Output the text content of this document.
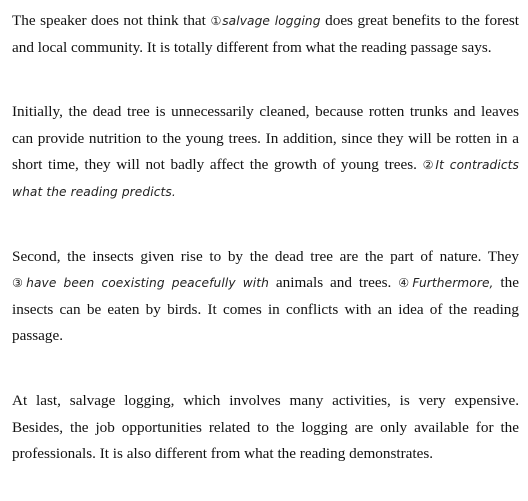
The speaker does not think that ①salvage logging does great benefits to the forest and local community. It is totally different from what the reading passage says.

Initially, the dead tree is unnecessarily cleaned, because rotten trunks and leaves can provide nutrition to the young trees. In addition, since they will be rotten in a short time, they will not badly affect the growth of young trees. ②It contradicts what the reading predicts.

Second, the insects given rise to by the dead tree are the part of nature. They ③have been coexisting peacefully with animals and trees. ④Furthermore, the insects can be eaten by birds. It comes in conflicts with an idea of the reading passage.

At last, salvage logging, which involves many activities, is very expensive. Besides, the job opportunities related to the logging are only available for the professionals. It is also different from what the reading demonstrates.
